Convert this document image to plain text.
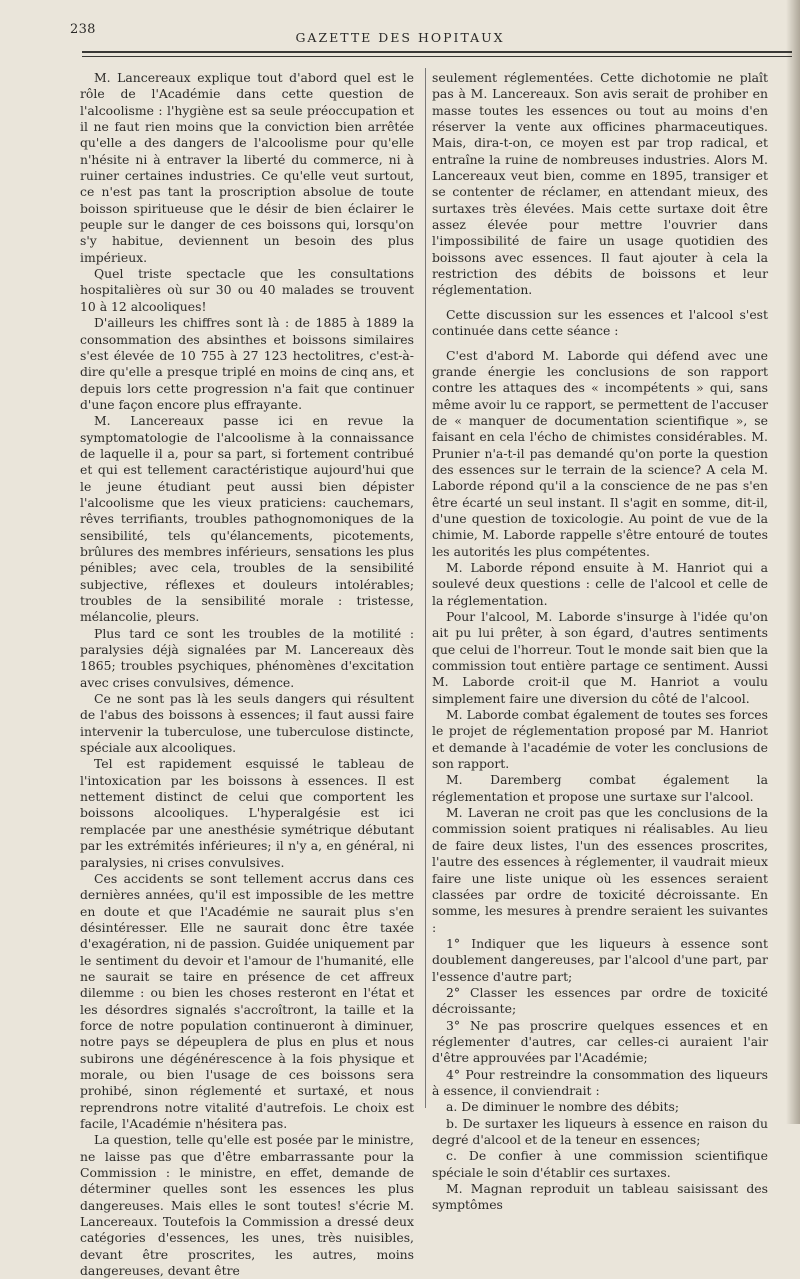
238
GAZETTE DES HOPITAUX

M. Lancereaux explique tout d'abord quel est le rôle de l'Académie dans cette question de l'alcoolisme : l'hygiène est sa seule préoccupation et il ne faut rien moins que la conviction bien arrêtée qu'elle a des dangers de l'alcoolisme pour qu'elle n'hésite ni à entraver la liberté du commerce, ni à ruiner certaines industries. Ce qu'elle veut surtout, ce n'est pas tant la proscription absolue de toute boisson spiritueuse que le désir de bien éclairer le peuple sur le danger de ces boissons qui, lorsqu'on s'y habitue, deviennent un besoin des plus impérieux.

Quel triste spectacle que les consultations hospitalières où sur 30 ou 40 malades se trouvent 10 à 12 alcooliques!

D'ailleurs les chiffres sont là : de 1885 à 1889 la consommation des absinthes et boissons similaires s'est élevée de 10 755 à 27 123 hectolitres, c'est-à-dire qu'elle a presque triplé en moins de cinq ans, et depuis lors cette progression n'a fait que continuer d'une façon encore plus effrayante.

M. Lancereaux passe ici en revue la symptomatologie de l'alcoolisme à la connaissance de laquelle il a, pour sa part, si fortement contribué et qui est tellement caractéristique aujourd'hui que le jeune étudiant peut aussi bien dépister l'alcoolisme que les vieux praticiens: cauchemars, rêves terrifiants, troubles pathognomoniques de la sensibilité, tels qu'élancements, picotements, brûlures des membres inférieurs, sensations les plus pénibles; avec cela, troubles de la sensibilité subjective, réflexes et douleurs intolérables; troubles de la sensibilité morale : tristesse, mélancolie, pleurs.

Plus tard ce sont les troubles de la motilité : paralysies déjà signalées par M. Lancereaux dès 1865; troubles psychiques, phénomènes d'excitation avec crises convulsives, démence.

Ce ne sont pas là les seuls dangers qui résultent de l'abus des boissons à essences; il faut aussi faire intervenir la tuberculose, une tuberculose distincte, spéciale aux alcooliques.

Tel est rapidement esquissé le tableau de l'intoxication par les boissons à essences. Il est nettement distinct de celui que comportent les boissons alcooliques. L'hyperalgésie est ici remplacée par une anesthésie symétrique débutant par les extrémités inférieures; il n'y a, en général, ni paralysies, ni crises convulsives.

Ces accidents se sont tellement accrus dans ces dernières années, qu'il est impossible de les mettre en doute et que l'Académie ne saurait plus s'en désintéresser. Elle ne saurait donc être taxée d'exagération, ni de passion. Guidée uniquement par le sentiment du devoir et l'amour de l'humanité, elle ne saurait se taire en présence de cet affreux dilemme : ou bien les choses resteront en l'état et les désordres signalés s'accroîtront, la taille et la force de notre population continueront à diminuer, notre pays se dépeuplera de plus en plus et nous subirons une dégénérescence à la fois physique et morale, ou bien l'usage de ces boissons sera prohibé, sinon réglementé et surtaxé, et nous reprendrons notre vitalité d'autrefois. Le choix est facile, l'Académie n'hésitera pas.

La question, telle qu'elle est posée par le ministre, ne laisse pas que d'être embarrassante pour la Commission : le ministre, en effet, demande de déterminer quelles sont les essences les plus dangereuses. Mais elles le sont toutes! s'écrie M. Lancereaux. Toutefois la Commission a dressé deux catégories d'essences, les unes, très nuisibles, devant être proscrites, les autres, moins dangereuses, devant être

seulement réglementées. Cette dichotomie ne plaît pas à M. Lancereaux. Son avis serait de prohiber en masse toutes les essences ou tout au moins d'en réserver la vente aux officines pharmaceutiques. Mais, dira-t-on, ce moyen est par trop radical, et entraîne la ruine de nombreuses industries. Alors M. Lancereaux veut bien, comme en 1895, transiger et se contenter de réclamer, en attendant mieux, des surtaxes très élevées. Mais cette surtaxe doit être assez élevée pour mettre l'ouvrier dans l'impossibilité de faire un usage quotidien des boissons avec essences. Il faut ajouter à cela la restriction des débits de boissons et leur réglementation.

Cette discussion sur les essences et l'alcool s'est continuée dans cette séance :

C'est d'abord M. Laborde qui défend avec une grande énergie les conclusions de son rapport contre les attaques des « incompétents » qui, sans même avoir lu ce rapport, se permettent de l'accuser de « manquer de documentation scientifique », se faisant en cela l'écho de chimistes considérables. M. Prunier n'a-t-il pas demandé qu'on porte la question des essences sur le terrain de la science? A cela M. Laborde répond qu'il a la conscience de ne pas s'en être écarté un seul instant. Il s'agit en somme, dit-il, d'une question de toxicologie. Au point de vue de la chimie, M. Laborde rappelle s'être entouré de toutes les autorités les plus compétentes.

M. Laborde répond ensuite à M. Hanriot qui a soulevé deux questions : celle de l'alcool et celle de la réglementation.

Pour l'alcool, M. Laborde s'insurge à l'idée qu'on ait pu lui prêter, à son égard, d'autres sentiments que celui de l'horreur. Tout le monde sait bien que la commission tout entière partage ce sentiment. Aussi M. Laborde croit-il que M. Hanriot a voulu simplement faire une diversion du côté de l'alcool.

M. Laborde combat également de toutes ses forces le projet de réglementation proposé par M. Hanriot et demande à l'académie de voter les conclusions de son rapport.

M. Daremberg combat également la réglementation et propose une surtaxe sur l'alcool.

M. Laveran ne croit pas que les conclusions de la commission soient pratiques ni réalisables. Au lieu de faire deux listes, l'un des essences proscrites, l'autre des essences à réglementer, il vaudrait mieux faire une liste unique où les essences seraient classées par ordre de toxicité décroissante. En somme, les mesures à prendre seraient les suivantes :

1° Indiquer que les liqueurs à essence sont doublement dangereuses, par l'alcool d'une part, par l'essence d'autre part;

2° Classer les essences par ordre de toxicité décroissante;

3° Ne pas proscrire quelques essences et en réglementer d'autres, car celles-ci auraient l'air d'être approuvées par l'Académie;

4° Pour restreindre la consommation des liqueurs à essence, il conviendrait :

a. De diminuer le nombre des débits;

b. De surtaxer les liqueurs à essence en raison du degré d'alcool et de la teneur en essences;

c. De confier à une commission scientifique spéciale le soin d'établir ces surtaxes.

M. Magnan reproduit un tableau saisissant des symptômes
